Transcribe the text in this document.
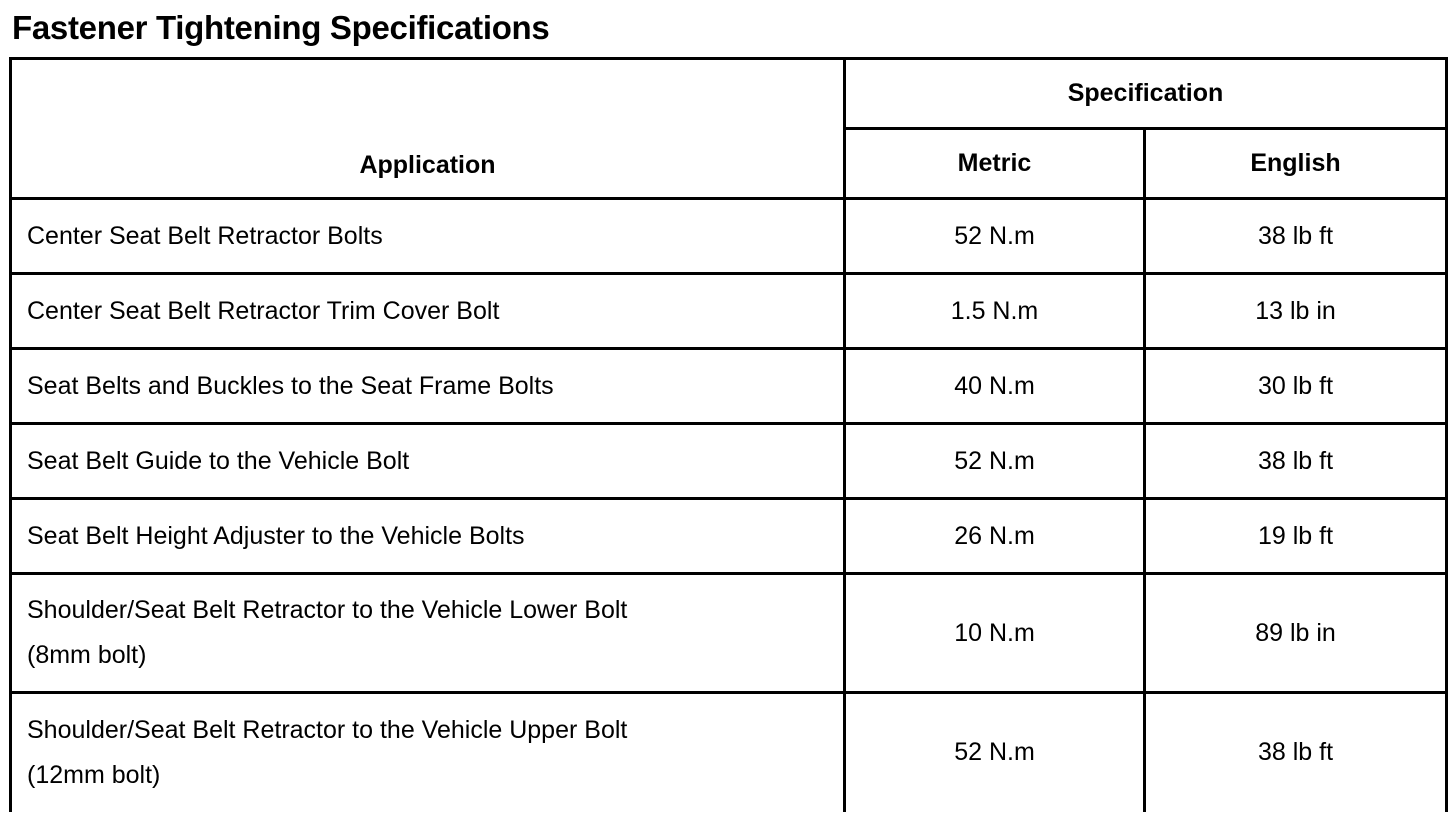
Fastener Tightening Specifications
Application	Specification	
	Metric	English

Center Seat Belt Retractor Bolts	52 N.m	38 lb ft

Center Seat Belt Retractor Trim Cover Bolt	1.5 N.m	13 lb in

Seat Belts and Buckles to the Seat Frame Bolts	40 N.m	30 lb ft

Seat Belt Guide to the Vehicle Bolt	52 N.m	38 lb ft

Seat Belt Height Adjuster to the Vehicle Bolts	26 N.m	19 lb ft

Shoulder/Seat Belt Retractor to the Vehicle Lower Bolt
(8mm bolt)	10 N.m	89 lb in

Shoulder/Seat Belt Retractor to the Vehicle Upper Bolt
(12mm bolt)	52 N.m	38 lb ft
